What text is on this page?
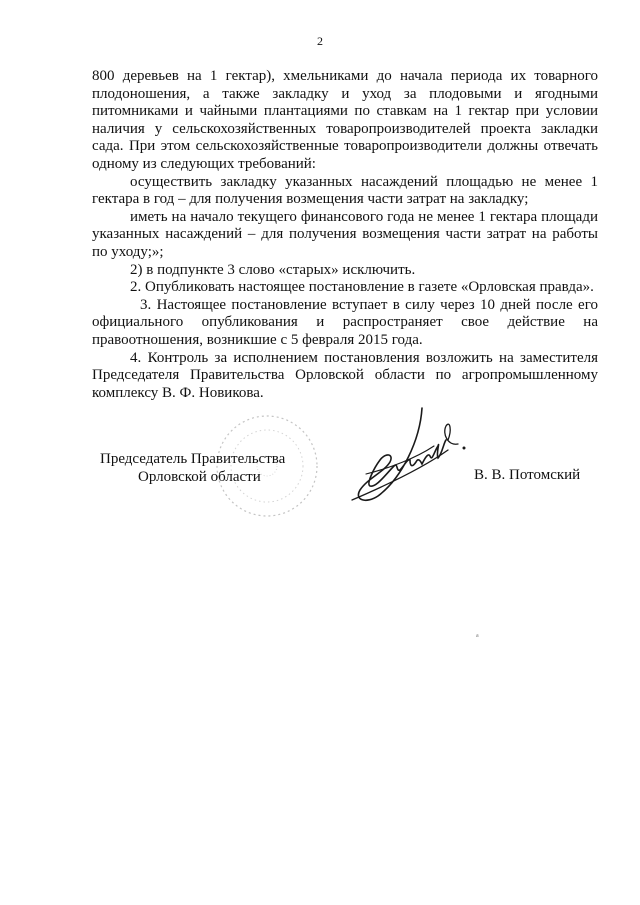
2

800 деревьев на 1 гектар), хмельниками до начала периода их товарного плодоношения, а также закладку и уход за плодовыми и ягодными питомниками и чайными плантациями по ставкам на 1 гектар при условии наличия у сельскохозяйственных товаропроизводителей проекта закладки сада. При этом сельскохозяйственные товаропроизводители должны отвечать одному из следующих требований:

осуществить закладку указанных насаждений площадью не менее 1 гектара в год – для получения возмещения части затрат на закладку;

иметь на начало текущего финансового года не менее 1 гектара площади указанных насаждений – для получения возмещения части затрат на работы по уходу;»;

2) в подпункте 3 слово «старых» исключить.

2. Опубликовать настоящее постановление в газете «Орловская правда».

3. Настоящее постановление вступает в силу через 10 дней после его официального опубликования и распространяет свое действие на правоотношения, возникшие с 5 февраля 2015 года.

4. Контроль за исполнением постановления возложить на заместителя Председателя Правительства Орловской области по агропромышленному комплексу В. Ф. Новикова.

Председатель Правительства
Орловской области	В. В. Потомский
a
